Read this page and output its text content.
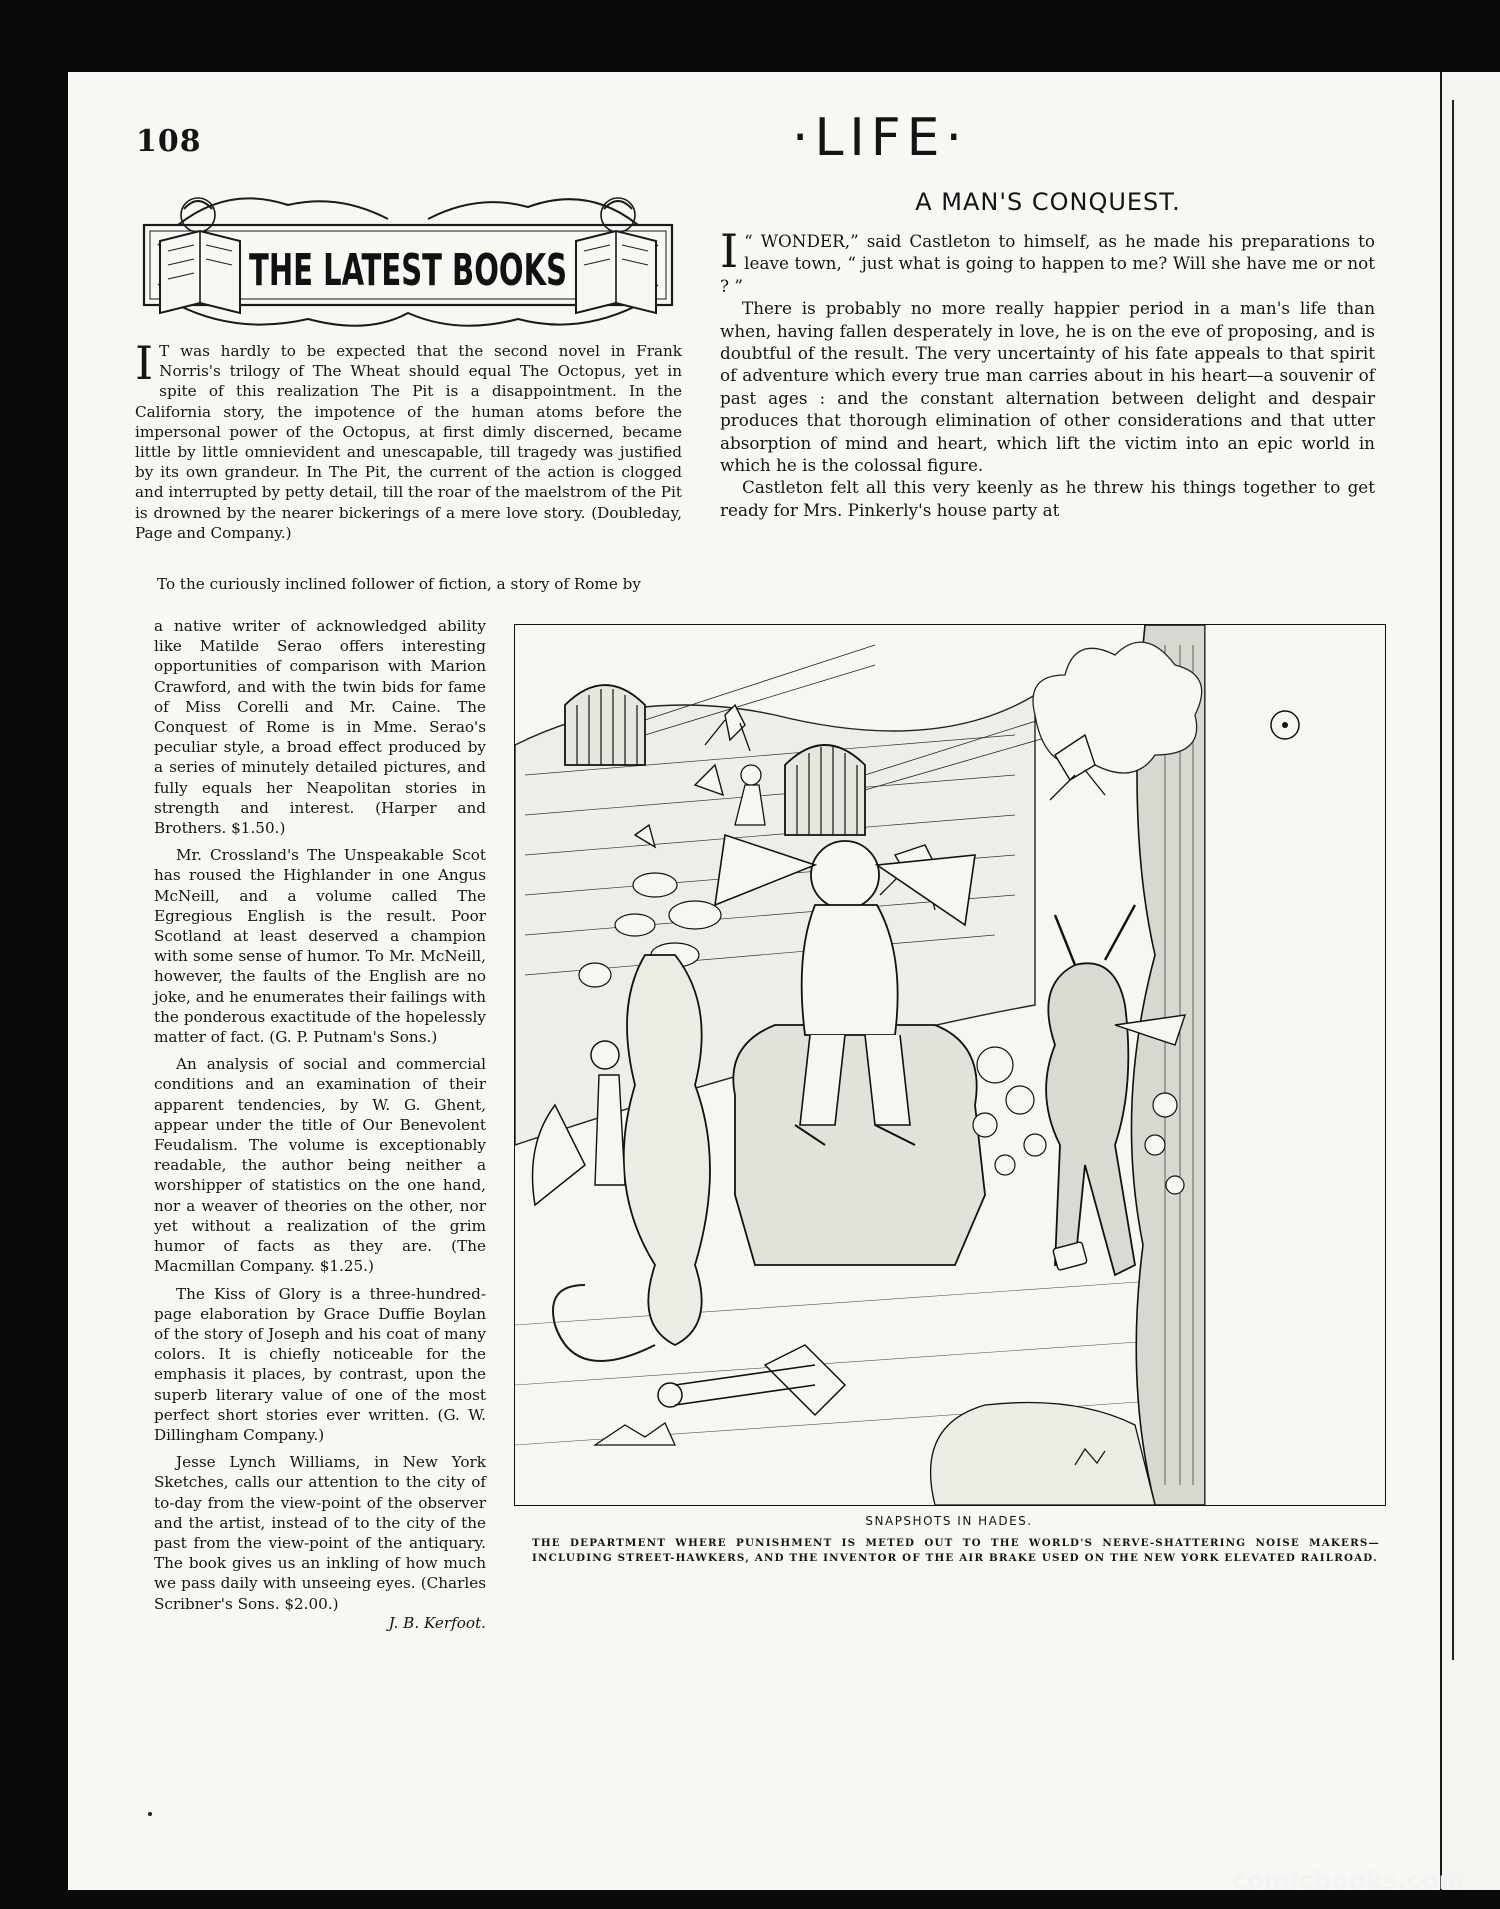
108	·LIFE·
THE LATEST BOOKS
I T was hardly to be expected that the second novel in Frank Norris's trilogy of The Wheat should equal The Octopus, yet in spite of this realization The Pit is a disappointment. In the California story, the impotence of the human atoms before the impersonal power of the Octopus, at first dimly discerned, became little by little omnievident and unescapable, till tragedy was justified by its own grandeur. In The Pit, the current of the action is clogged and interrupted by petty detail, till the roar of the maelstrom of the Pit is drowned by the nearer bickerings of a mere love story. (Doubleday, Page and Company.)
To the curiously inclined follower of fiction, a story of Rome by

a native writer of acknowledged ability like Matilde Serao offers interesting opportunities of comparison with Marion Crawford, and with the twin bids for fame of Miss Corelli and Mr. Caine. The Conquest of Rome is in Mme. Serao's peculiar style, a broad effect produced by a series of minutely detailed pictures, and fully equals her Neapolitan stories in strength and interest. (Harper and Brothers. $1.50.)

Mr. Crossland's The Unspeakable Scot has roused the Highlander in one Angus McNeill, and a volume called The Egregious English is the result. Poor Scotland at least deserved a champion with some sense of humor. To Mr. McNeill, however, the faults of the English are no joke, and he enumerates their failings with the ponderous exactitude of the hopelessly matter of fact. (G. P. Putnam's Sons.)

An analysis of social and commercial conditions and an examination of their apparent tendencies, by W. G. Ghent, appear under the title of Our Benevolent Feudalism. The volume is exceptionably readable, the author being neither a worshipper of statistics on the one hand, nor a weaver of theories on the other, nor yet without a realization of the grim humor of facts as they are. (The Macmillan Company. $1.25.)

The Kiss of Glory is a three-hundred-page elaboration by Grace Duffie Boylan of the story of Joseph and his coat of many colors. It is chiefly noticeable for the emphasis it places, by contrast, upon the superb literary value of one of the most perfect short stories ever written. (G. W. Dillingham Company.)

Jesse Lynch Williams, in New York Sketches, calls our attention to the city of to-day from the view-point of the observer and the artist, instead of to the city of the past from the view-point of the antiquary. The book gives us an inkling of how much we pass daily with unseeing eyes. (Charles Scribner's Sons. $2.00.)

J. B. Kerfoot.
A MAN'S CONQUEST.

“
I WONDER,” said Castleton to himself, as he made his preparations to leave town, “ just what is going to happen to me? Will she have me or not ? ”

There is probably no more really happier period in a man's life than when, having fallen desperately in love, he is on the eve of proposing, and is doubtful of the result. The very uncertainty of his fate appeals to that spirit of adventure which every true man carries about in his heart—a souvenir of past ages : and the constant alternation between delight and despair produces that thorough elimination of other considerations and that utter absorption of mind and heart, which lift the victim into an epic world in which he is the colossal figure.

Castleton felt all this very keenly as he threw his things together to get ready for Mrs. Pinkerly's house party at

SNAPSHOTS IN HADES.
THE DEPARTMENT WHERE PUNISHMENT IS METED OUT TO THE WORLD'S NERVE-SHATTERING NOISE MAKERS—INCLUDING STREET-HAWKERS, AND THE INVENTOR OF THE AIR BRAKE USED ON THE NEW YORK ELEVATED RAILROAD.
comicbooks.com
